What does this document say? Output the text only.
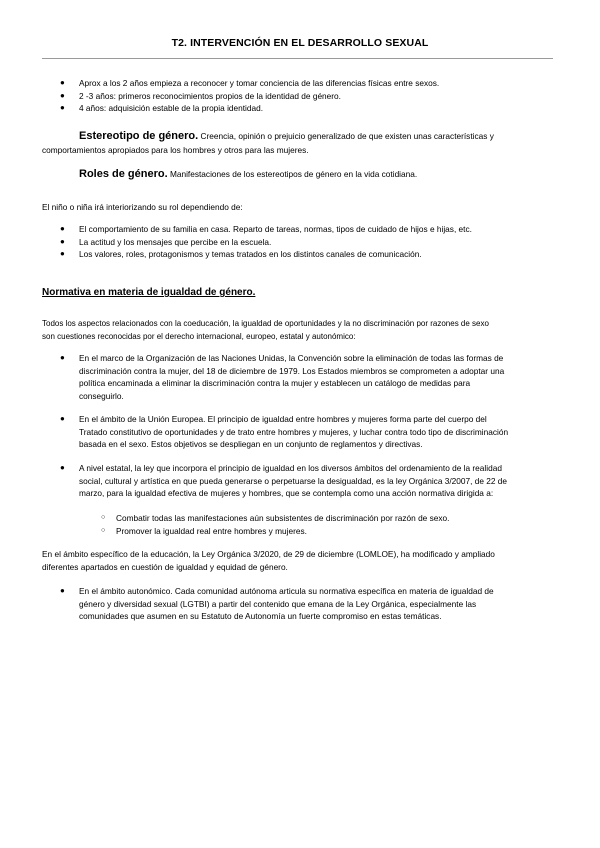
T2. INTERVENCIÓN EN EL DESARROLLO SEXUAL
● Aprox a los 2 años empieza a reconocer y tomar conciencia de las diferencias físicas entre sexos.
● 2 -3 años: primeros reconocimientos propios de la identidad de género.
● 4 años: adquisición estable de la propia identidad.
Estereotipo de género. Creencia, opinión o prejuicio generalizado de que existen unas características y
comportamientos apropiados para los hombres y otros para las mujeres.
Roles de género. Manifestaciones de los estereotipos de género en la vida cotidiana.
El niño o niña irá interiorizando su rol dependiendo de:
● El comportamiento de su familia en casa. Reparto de tareas, normas, tipos de cuidado de hijos e hijas, etc.
● La actitud y los mensajes que percibe en la escuela.
● Los valores, roles, protagonismos y temas tratados en los distintos canales de comunicación.
Normativa en materia de igualdad de género.
Todos los aspectos relacionados con la coeducación, la igualdad de oportunidades y la no discriminación por razones de sexo
son cuestiones reconocidas por el derecho internacional, europeo, estatal y autonómico:
● En el marco de la Organización de las Naciones Unidas, la Convención sobre la eliminación de todas las formas de
discriminación contra la mujer, del 18 de diciembre de 1979. Los Estados miembros se comprometen a adoptar una
política encaminada a eliminar la discriminación contra la mujer y establecen un catálogo de medidas para
conseguirlo.
● En el ámbito de la Unión Europea. El principio de igualdad entre hombres y mujeres forma parte del cuerpo del
Tratado constitutivo de oportunidades y de trato entre hombres y mujeres, y luchar contra todo tipo de discriminación
basada en el sexo. Estos objetivos se despliegan en un conjunto de reglamentos y directivas.
● A nivel estatal, la ley que incorpora el principio de igualdad en los diversos ámbitos del ordenamiento de la realidad
social, cultural y artística en que pueda generarse o perpetuarse la desigualdad, es la ley Orgánica 3/2007, de 22 de
marzo, para la igualdad efectiva de mujeres y hombres, que se contempla como una acción normativa dirigida a:
○ Combatir todas las manifestaciones aún subsistentes de discriminación por razón de sexo.
○ Promover la igualdad real entre hombres y mujeres.
En el ámbito específico de la educación, la Ley Orgánica 3/2020, de 29 de diciembre (LOMLOE), ha modificado y ampliado
diferentes apartados en cuestión de igualdad y equidad de género.
● En el ámbito autonómico. Cada comunidad autónoma articula su normativa específica en materia de igualdad de
género y diversidad sexual (LGTBI) a partir del contenido que emana de la Ley Orgánica, especialmente las
comunidades que asumen en su Estatuto de Autonomía un fuerte compromiso en estas temáticas.
